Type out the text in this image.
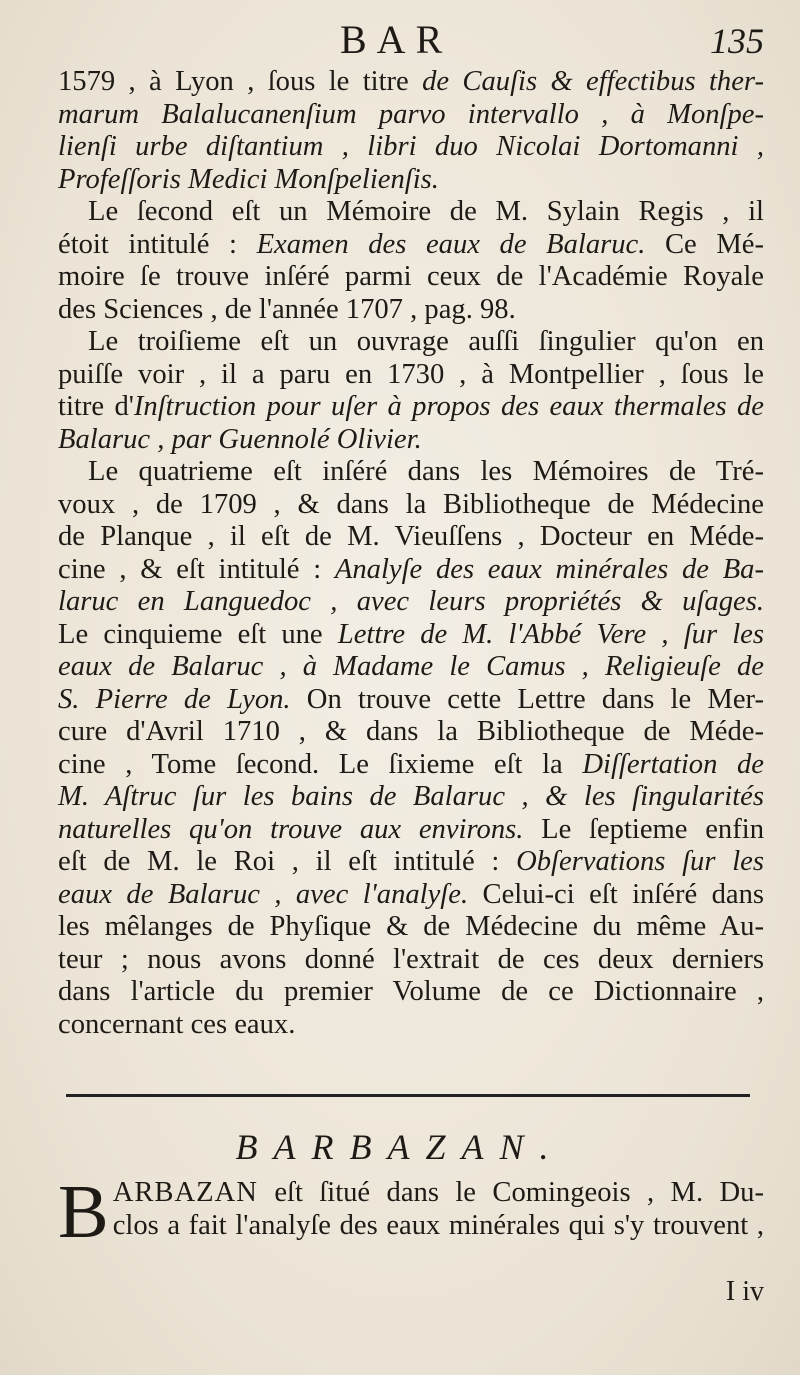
BAR	135
1579 , à Lyon , ſous le titre de Cauſis & effectibus ther-
marum Balalucanenſium parvo intervallo , à Monſpe-
lienſi urbe diſtantium , libri duo Nicolai Dortomanni ,
Profeſſoris Medici Monſpelienſis.
Le ſecond eſt un Mémoire de M. Sylain Regis , il
étoit intitulé : Examen des eaux de Balaruc. Ce Mé-
moire ſe trouve inſéré parmi ceux de l'Académie Royale
des Sciences , de l'année 1707 , pag. 98.
Le troiſieme eſt un ouvrage auſſi ſingulier qu'on en
puiſſe voir , il a paru en 1730 , à Montpellier , ſous le
titre d'Inſtruction pour uſer à propos des eaux thermales de
Balaruc , par Guennolé Olivier.
Le quatrieme eſt inſéré dans les Mémoires de Tré-
voux , de 1709 , & dans la Bibliotheque de Médecine
de Planque , il eſt de M. Vieuſſens , Docteur en Méde-
cine , & eſt intitulé : Analyſe des eaux minérales de Ba-
laruc en Languedoc , avec leurs propriétés & uſages.
Le cinquieme eſt une Lettre de M. l'Abbé Vere , ſur les
eaux de Balaruc , à Madame le Camus , Religieuſe de
S. Pierre de Lyon. On trouve cette Lettre dans le Mer-
cure d'Avril 1710 , & dans la Bibliotheque de Méde-
cine , Tome ſecond. Le ſixieme eſt la Diſſertation de
M. Aſtruc ſur les bains de Balaruc , & les ſingularités
naturelles qu'on trouve aux environs. Le ſeptieme enfin
eſt de M. le Roi , il eſt intitulé : Obſervations ſur les
eaux de Balaruc , avec l'analyſe. Celui-ci eſt inſéré dans
les mêlanges de Phyſique & de Médecine du même Au-
teur ; nous avons donné l'extrait de ces deux derniers
dans l'article du premier Volume de ce Dictionnaire ,
concernant ces eaux.
BARBAZAN.
B ARBAZAN eſt ſitué dans le Comingeois , M. Du-
clos a fait l'analyſe des eaux minérales qui s'y trouvent ,
I iv
